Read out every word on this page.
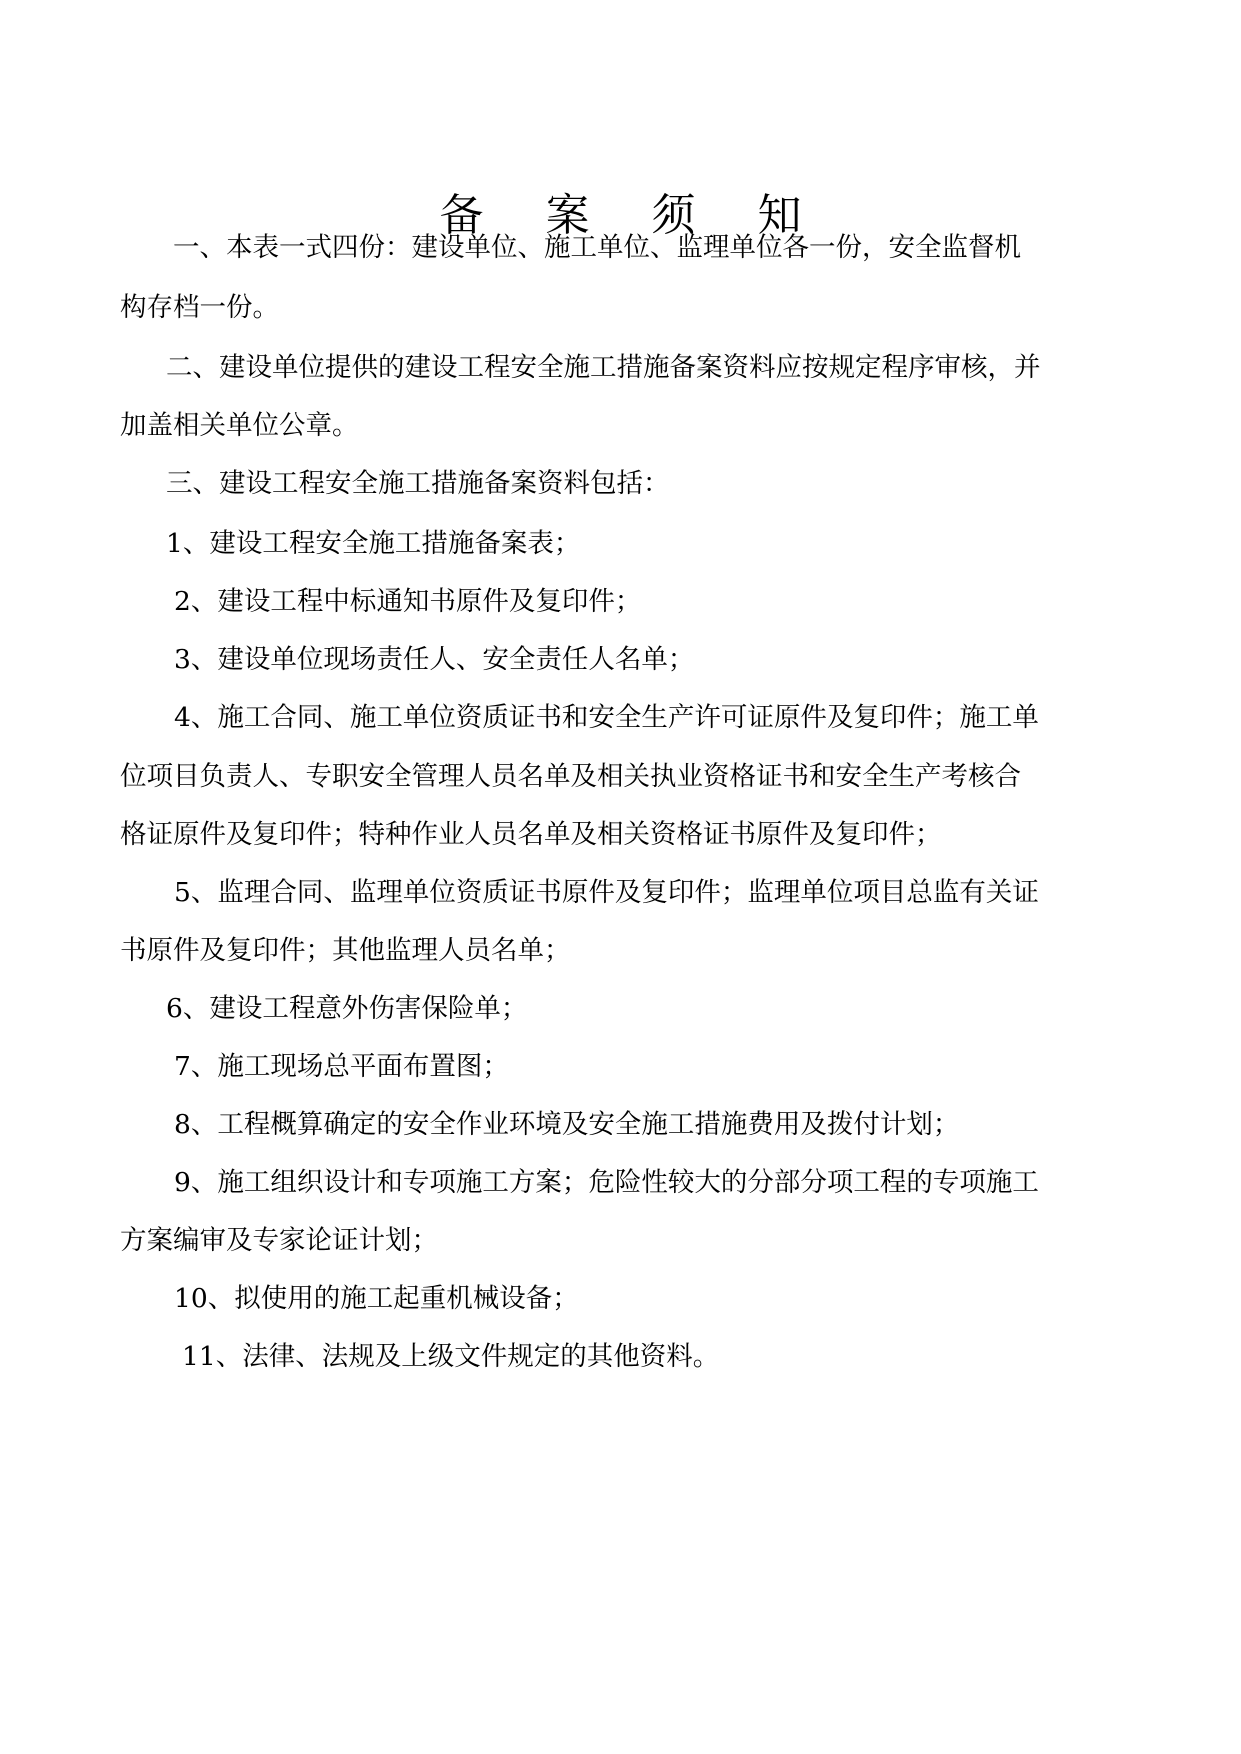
备 案 须 知
一、本表一式四份：建设单位、施工单位、监理单位各一份，安全监督机
构存档一份。
二、建设单位提供的建设工程安全施工措施备案资料应按规定程序审核，并
加盖相关单位公章。
三、建设工程安全施工措施备案资料包括：
1、建设工程安全施工措施备案表；
2、建设工程中标通知书原件及复印件；
3、建设单位现场责任人、安全责任人名单；
4、施工合同、施工单位资质证书和安全生产许可证原件及复印件；施工单
位项目负责人、专职安全管理人员名单及相关执业资格证书和安全生产考核合
格证原件及复印件；特种作业人员名单及相关资格证书原件及复印件；
5、监理合同、监理单位资质证书原件及复印件；监理单位项目总监有关证
书原件及复印件；其他监理人员名单；
6、建设工程意外伤害保险单；
7、施工现场总平面布置图；
8、工程概算确定的安全作业环境及安全施工措施费用及拨付计划；
9、施工组织设计和专项施工方案；危险性较大的分部分项工程的专项施工
方案编审及专家论证计划；
10、拟使用的施工起重机械设备；
11、法律、法规及上级文件规定的其他资料。
